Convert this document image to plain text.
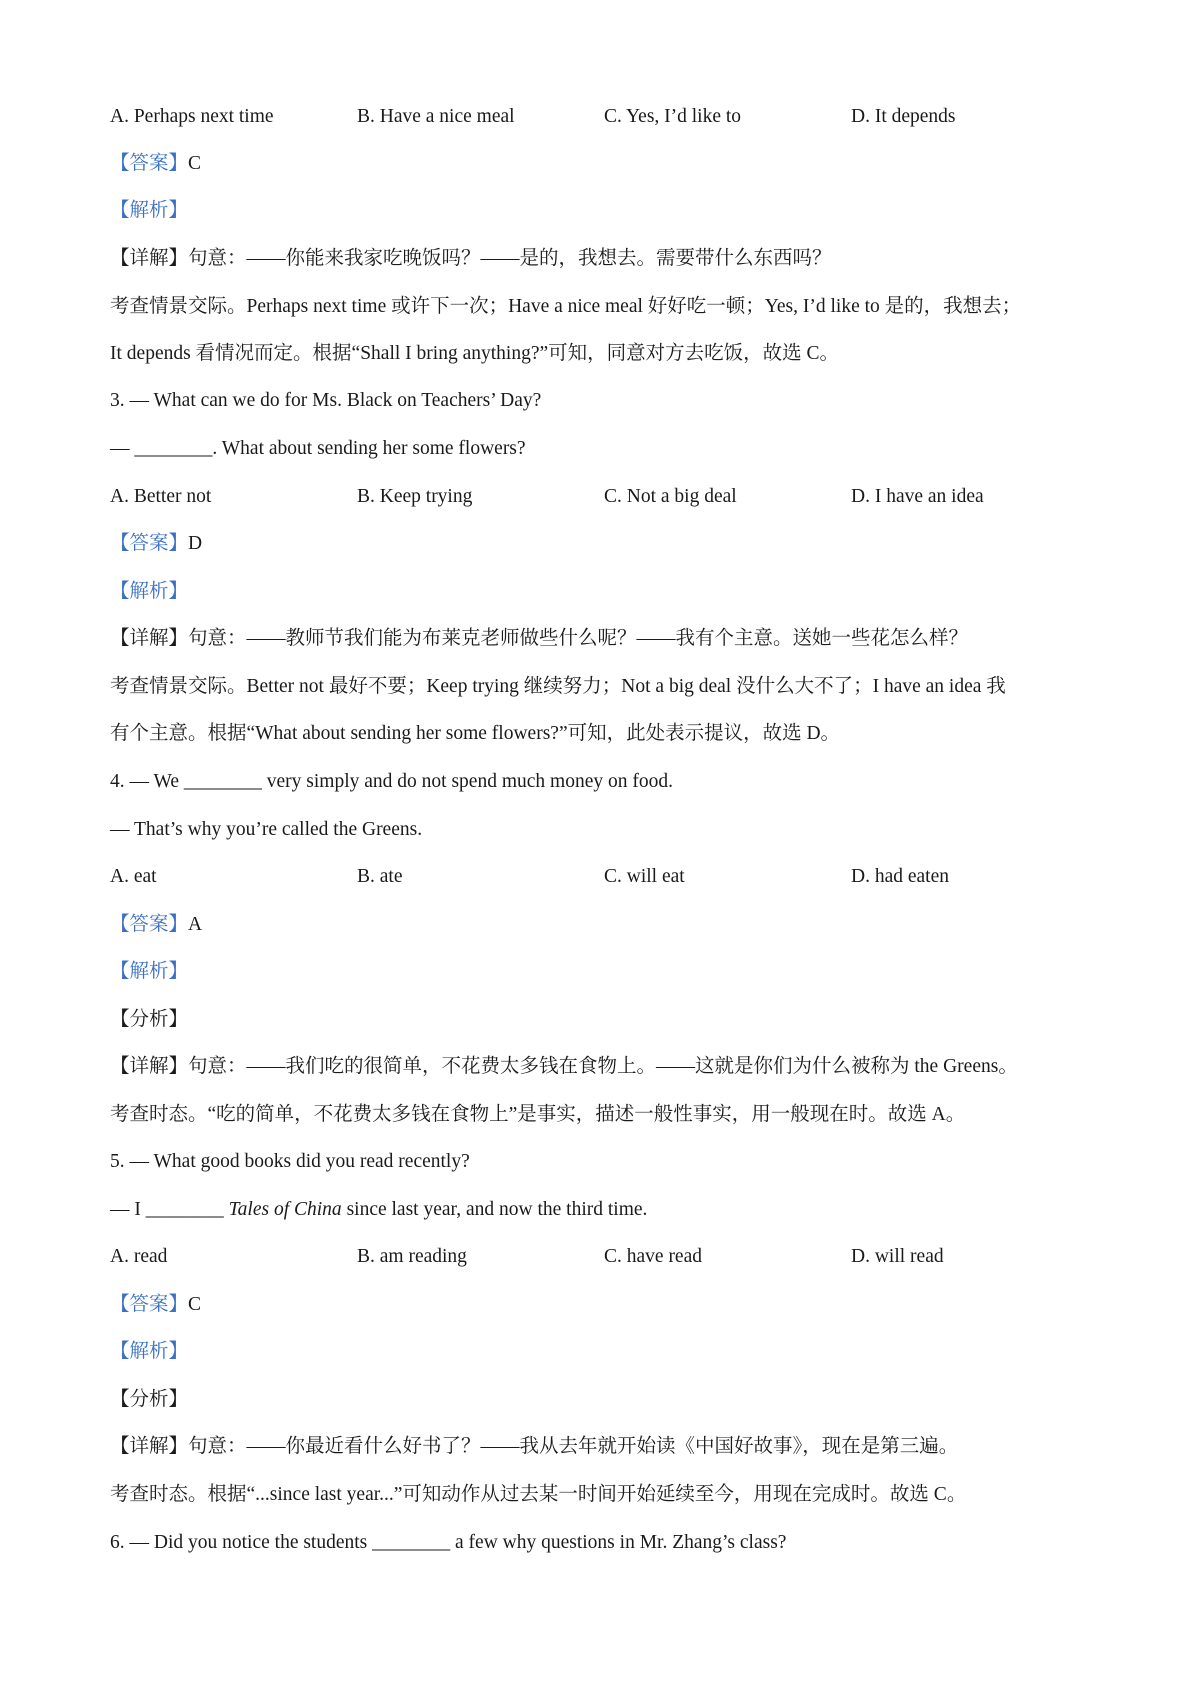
A. Perhaps next time	B. Have a nice meal	C. Yes, I’d like to	D. It depends
【答案】C
【解析】
【详解】句意：——你能来我家吃晚饭吗？——是的，我想去。需要带什么东西吗？
考查情景交际。Perhaps next time 或许下一次；Have a nice meal 好好吃一顿；Yes, I’d like to 是的，我想去；
It depends 看情况而定。根据“Shall I bring anything?”可知，同意对方去吃饭，故选 C。
3. — What can we do for Ms. Black on Teachers’ Day?
— ________. What about sending her some flowers?
A. Better not	B. Keep trying	C. Not a big deal	D. I have an idea
【答案】D
【解析】
【详解】句意：——教师节我们能为布莱克老师做些什么呢？——我有个主意。送她一些花怎么样？
考查情景交际。Better not 最好不要；Keep trying 继续努力；Not a big deal 没什么大不了；I have an idea 我
有个主意。根据“What about sending her some flowers?”可知，此处表示提议，故选 D。
4. — We ________ very simply and do not spend much money on food.
— That’s why you’re called the Greens.
A. eat	B. ate	C. will eat	D. had eaten
【答案】A
【解析】
【分析】
【详解】句意：——我们吃的很简单，不花费太多钱在食物上。——这就是你们为什么被称为 the Greens。
考查时态。“吃的简单，不花费太多钱在食物上”是事实，描述一般性事实，用一般现在时。故选 A。
5. — What good books did you read recently?
— I ________ Tales of China since last year, and now the third time.
A. read	B. am reading	C. have read	D. will read
【答案】C
【解析】
【分析】
【详解】句意：——你最近看什么好书了？——我从去年就开始读《中国好故事》，现在是第三遍。
考查时态。根据“...since last year...”可知动作从过去某一时间开始延续至今，用现在完成时。故选 C。
6. — Did you notice the students ________ a few why questions in Mr. Zhang’s class?
